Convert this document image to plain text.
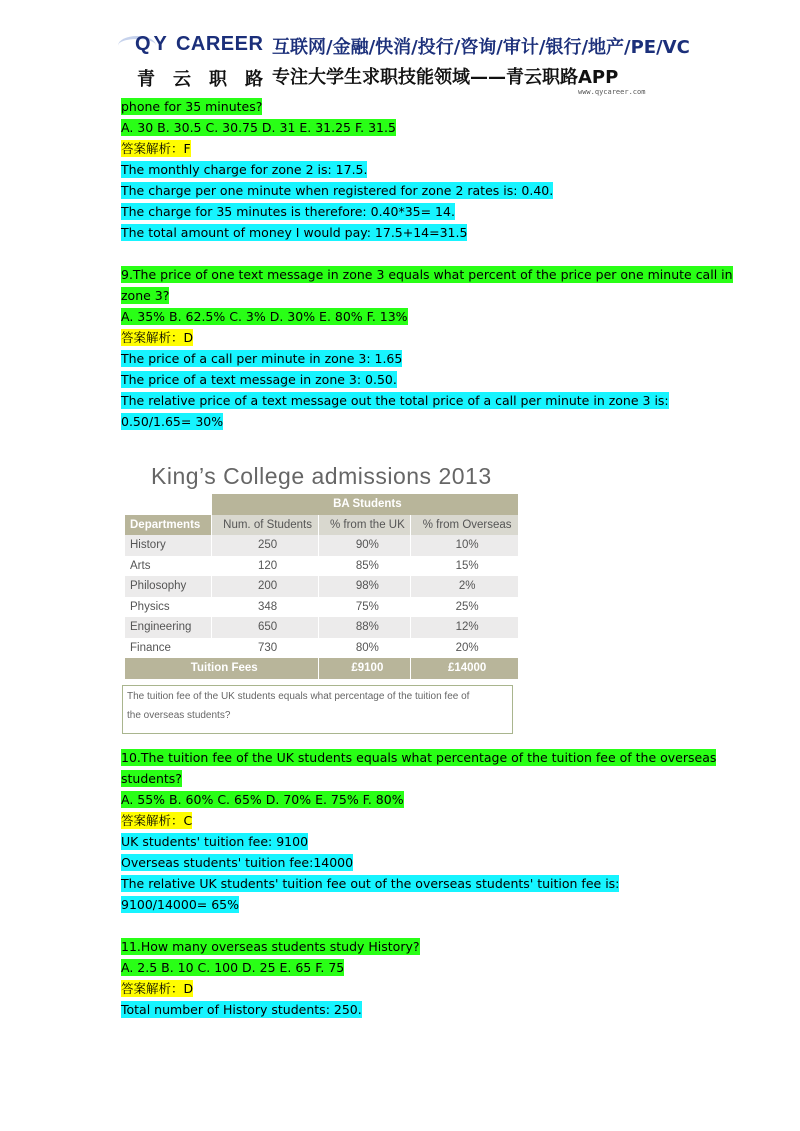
QY CAREER
青云职路
互联网/金融/快消/投行/咨询/审计/银行/地产/PE/VC
专注大学生求职技能领域——青云职路APP
www.qycareer.com
phone for 35 minutes?
A. 30 B. 30.5 C. 30.75 D. 31 E. 31.25 F. 31.5
答案解析：F
The monthly charge for zone 2 is: 17.5.
The charge per one minute when registered for zone 2 rates is: 0.40.
The charge for 35 minutes is therefore: 0.40*35= 14.
The total amount of money I would pay: 17.5+14=31.5
9.The price of one text message in zone 3 equals what percent of the price per one minute call in
zone 3?
A. 35% B. 62.5% C. 3% D. 30% E. 80% F. 13%
答案解析：D
The price of a call per minute in zone 3: 1.65
The price of a text message in zone 3: 0.50.
The relative price of a text message out the total price of a call per minute in zone 3 is:
0.50/1.65= 30%
King’s College admissions 2013
	BA Students		
Departments	Num. of Students	% from the UK	% from Overseas
History	250	90%	10%
Arts	120	85%	15%
Philosophy	200	98%	2%
Physics	348	75%	25%
Engineering	650	88%	12%
Finance	730	80%	20%
Tuition Fees		£9100	£14000
The tuition fee of the UK students equals what percentage of the tuition fee of
the overseas students?
10.The tuition fee of the UK students equals what percentage of the tuition fee of the overseas
students?
A. 55% B. 60% C. 65% D. 70% E. 75% F. 80%
答案解析：C
UK students' tuition fee: 9100
Overseas students' tuition fee:14000
The relative UK students' tuition fee out of the overseas students' tuition fee is:
9100/14000= 65%
11.How many overseas students study History?
A. 2.5 B. 10 C. 100 D. 25 E. 65 F. 75
答案解析：D
Total number of History students: 250.
